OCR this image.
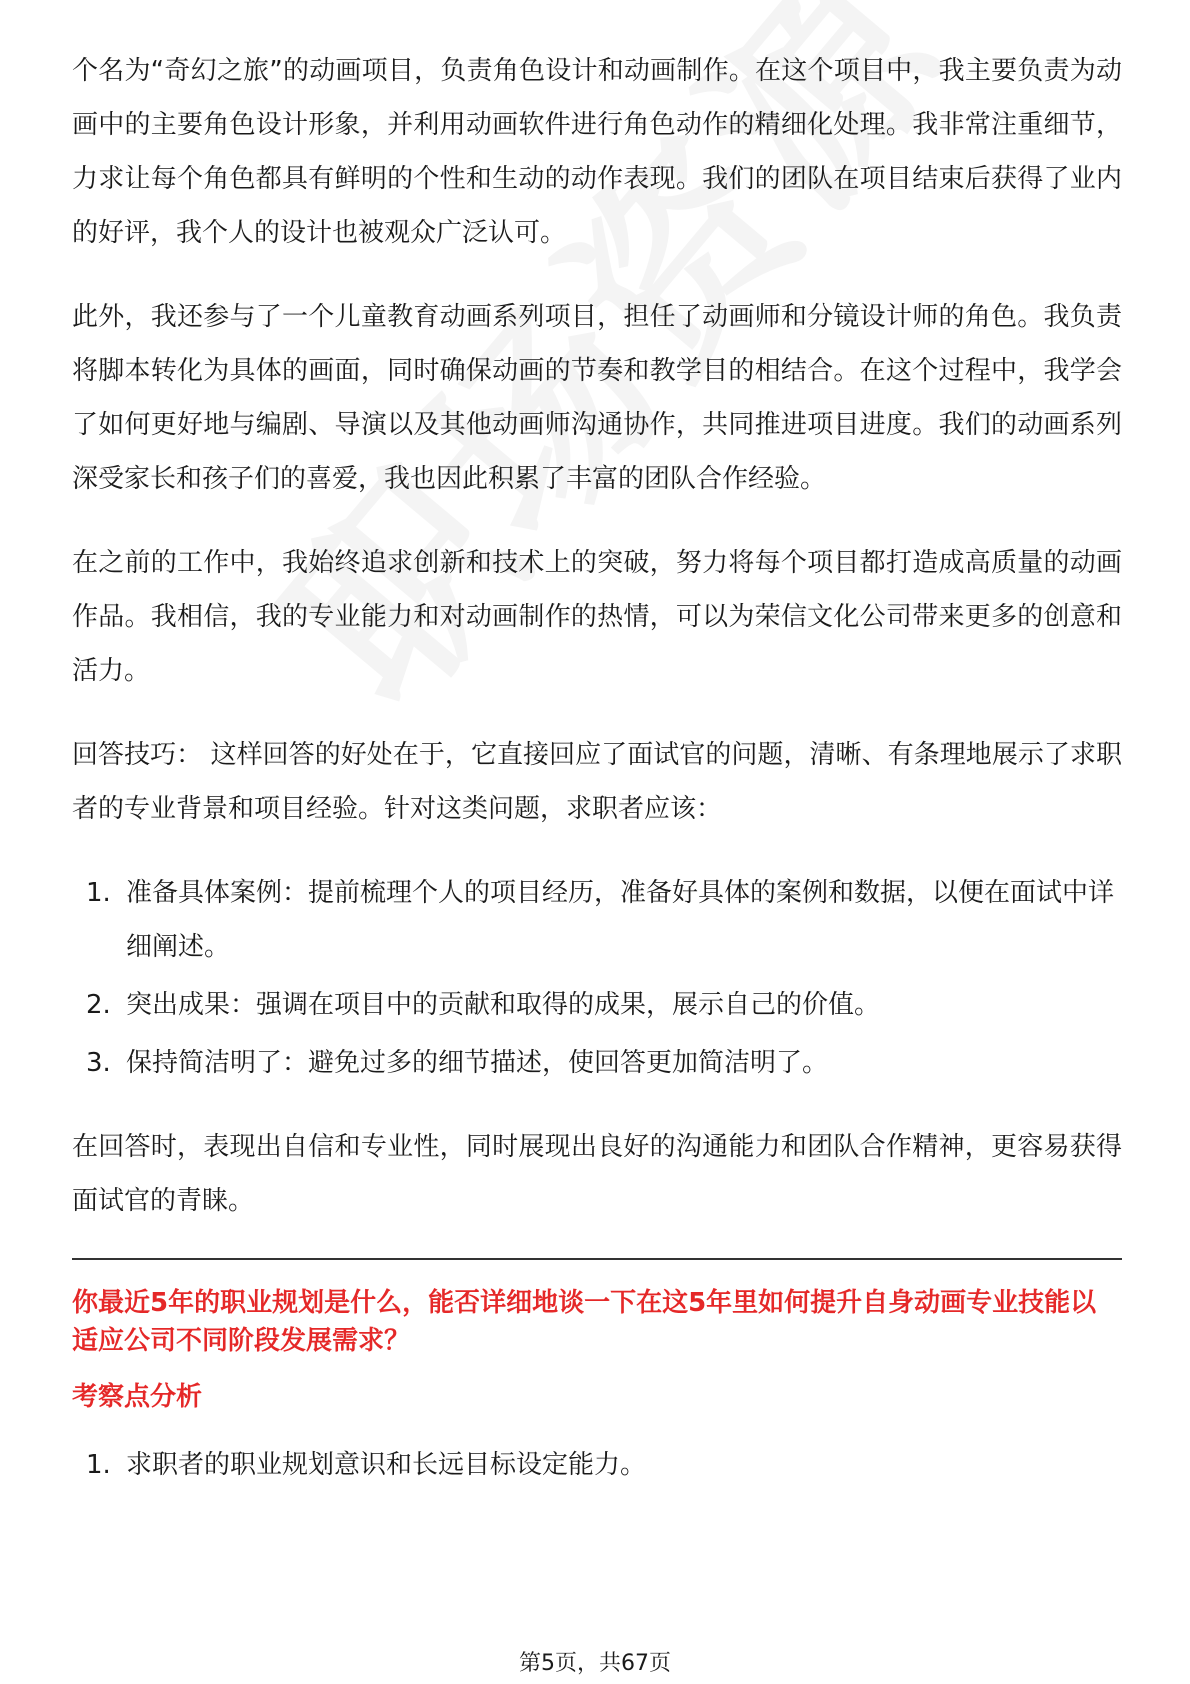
个名为“奇幻之旅”的动画项目，负责角色设计和动画制作。在这个项目中，我主要负责为动画中的主要角色设计形象，并利用动画软件进行角色动作的精细化处理。我非常注重细节，力求让每个角色都具有鲜明的个性和生动的动作表现。我们的团队在项目结束后获得了业内的好评，我个人的设计也被观众广泛认可。

此外，我还参与了一个儿童教育动画系列项目，担任了动画师和分镜设计师的角色。我负责将脚本转化为具体的画面，同时确保动画的节奏和教学目的相结合。在这个过程中，我学会了如何更好地与编剧、导演以及其他动画师沟通协作，共同推进项目进度。我们的动画系列深受家长和孩子们的喜爱，我也因此积累了丰富的团队合作经验。

在之前的工作中，我始终追求创新和技术上的突破，努力将每个项目都打造成高质量的动画作品。我相信，我的专业能力和对动画制作的热情，可以为荣信文化公司带来更多的创意和活力。

回答技巧： 这样回答的好处在于，它直接回应了面试官的问题，清晰、有条理地展示了求职者的专业背景和项目经验。针对这类问题，求职者应该：

1. 准备具体案例：提前梳理个人的项目经历，准备好具体的案例和数据，以便在面试中详细阐述。
2. 突出成果：强调在项目中的贡献和取得的成果，展示自己的价值。
3. 保持简洁明了：避免过多的细节描述，使回答更加简洁明了。

在回答时，表现出自信和专业性，同时展现出良好的沟通能力和团队合作精神，更容易获得面试官的青睐。

你最近5年的职业规划是什么，能否详细地谈一下在这5年里如何提升自身动画专业技能以适应公司不同阶段发展需求？
考察点分析
1. 求职者的职业规划意识和长远目标设定能力。
第5页，共67页
